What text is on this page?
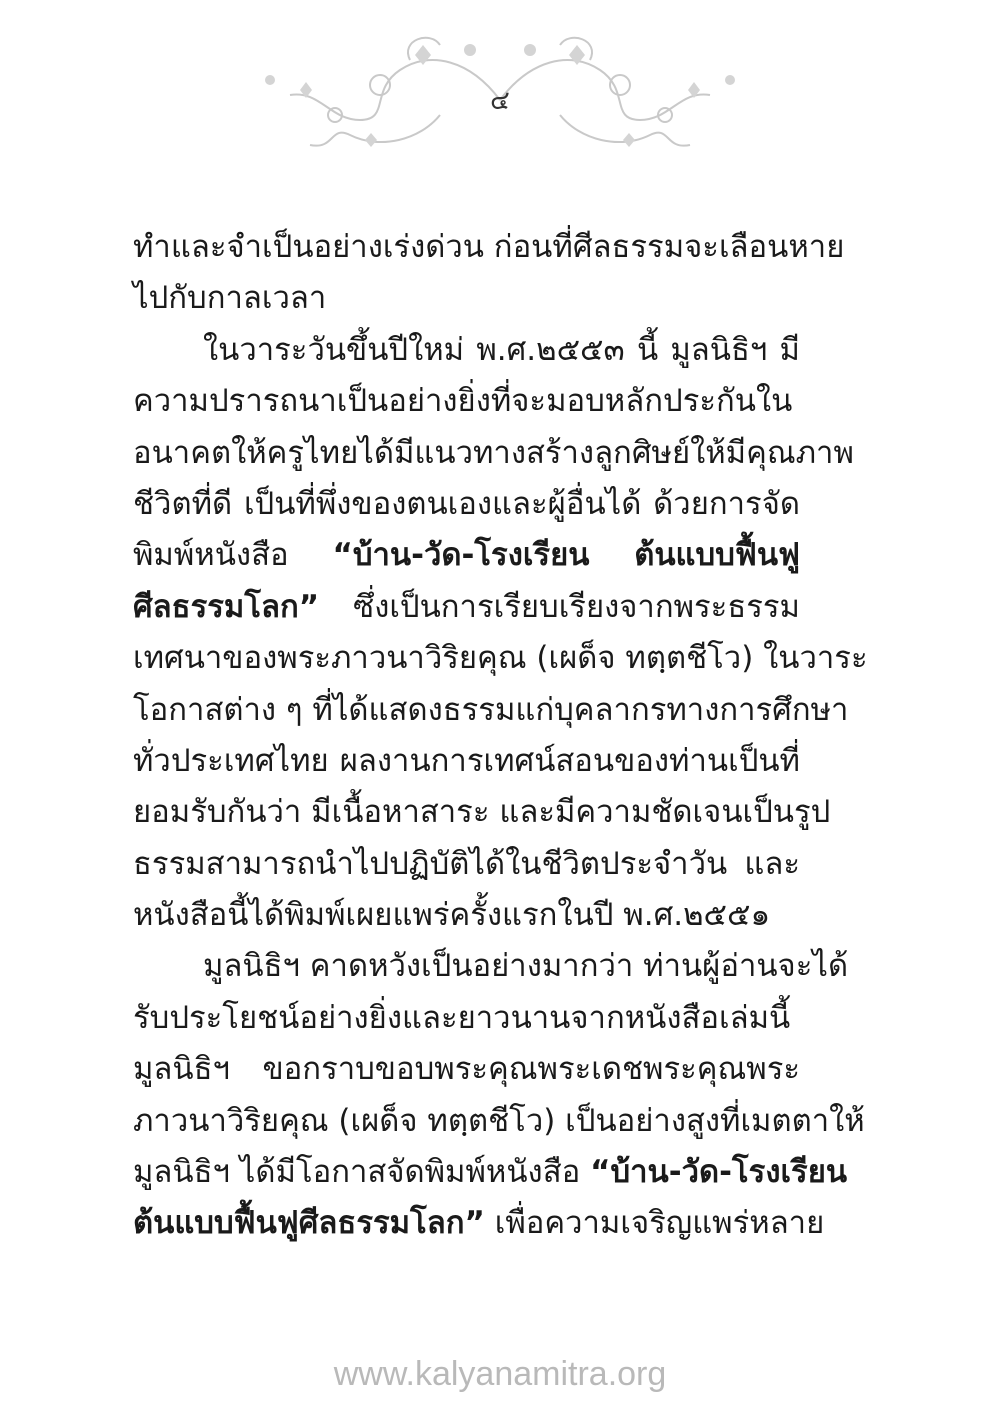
๔
ทำและจำเป็นอย่างเร่งด่วน ก่อนที่ศีลธรรมจะเลือนหาย
ไปกับกาลเวลา
ในวาระวันขึ้นปีใหม่ พ.ศ.๒๕๕๓ นี้ มูลนิธิฯ มี
ความปรารถนาเป็นอย่างยิ่งที่จะมอบหลักประกันใน
อนาคตให้ครูไทยได้มีแนวทางสร้างลูกศิษย์ให้มีคุณภาพ
ชีวิตที่ดี เป็นที่พึ่งของตนเองและผู้อื่นได้ ด้วยการจัด
พิมพ์หนังสือ “บ้าน-วัด-โรงเรียน ต้นแบบฟื้นฟู
ศีลธรรมโลก” ซึ่งเป็นการเรียบเรียงจากพระธรรม
เทศนาของพระภาวนาวิริยคุณ (เผด็จ ทตฺตชีโว) ในวาระ
โอกาสต่าง ๆ ที่ได้แสดงธรรมแก่บุคลากรทางการศึกษา
ทั่วประเทศไทย ผลงานการเทศน์สอนของท่านเป็นที่
ยอมรับกันว่า มีเนื้อหาสาระ และมีความชัดเจนเป็นรูป
ธรรมสามารถนำไปปฏิบัติได้ในชีวิตประจำวัน และ
หนังสือนี้ได้พิมพ์เผยแพร่ครั้งแรกในปี พ.ศ.๒๕๕๑
มูลนิธิฯ คาดหวังเป็นอย่างมากว่า ท่านผู้อ่านจะได้
รับประโยชน์อย่างยิ่งและยาวนานจากหนังสือเล่มนี้
มูลนิธิฯ ขอกราบขอบพระคุณพระเดชพระคุณพระ
ภาวนาวิริยคุณ (เผด็จ ทตฺตชีโว) เป็นอย่างสูงที่เมตตาให้
มูลนิธิฯ ได้มีโอกาสจัดพิมพ์หนังสือ “บ้าน-วัด-โรงเรียน
ต้นแบบฟื้นฟูศีลธรรมโลก” เพื่อความเจริญแพร่หลาย
www.kalyanamitra.org
